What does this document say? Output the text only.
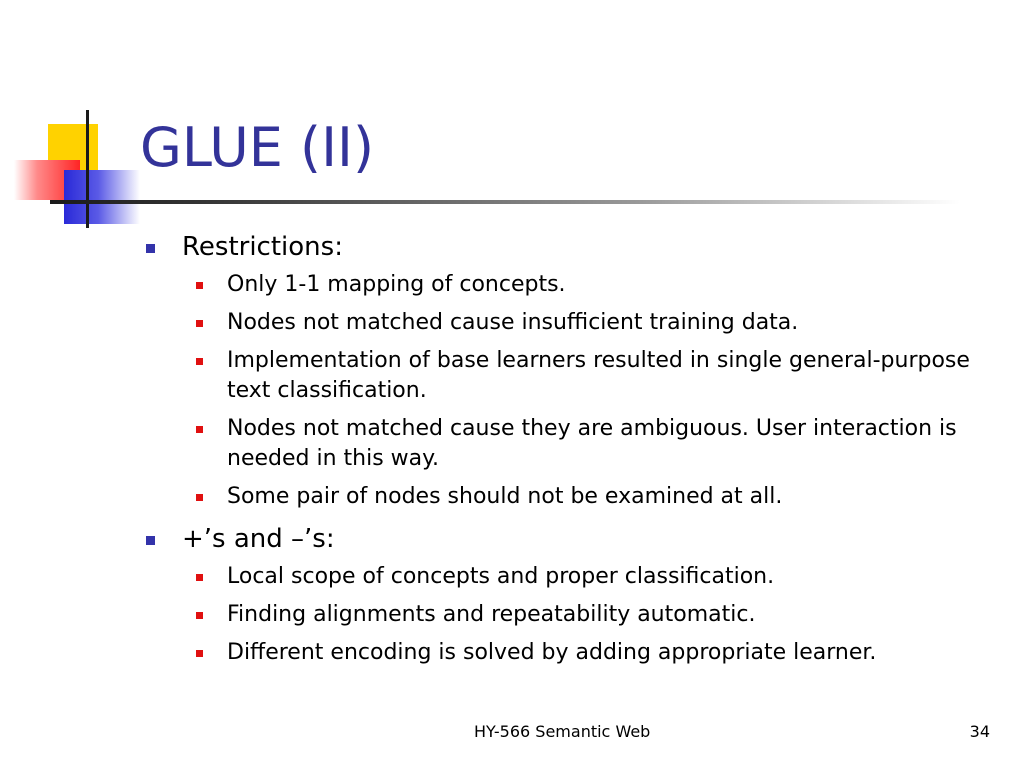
GLUE (II)
Restrictions:
Only 1-1 mapping of concepts.
Nodes not matched cause insufficient training data.
Implementation of base learners resulted in single general-purpose text classification.
Nodes not matched cause they are ambiguous. User interaction is needed in this way.
Some pair of nodes should not be examined at all.
+’s and –’s:
Local scope of concepts and proper classification.
Finding alignments and repeatability automatic.
Different encoding is solved by adding appropriate learner.
HY-566 Semantic Web	34
